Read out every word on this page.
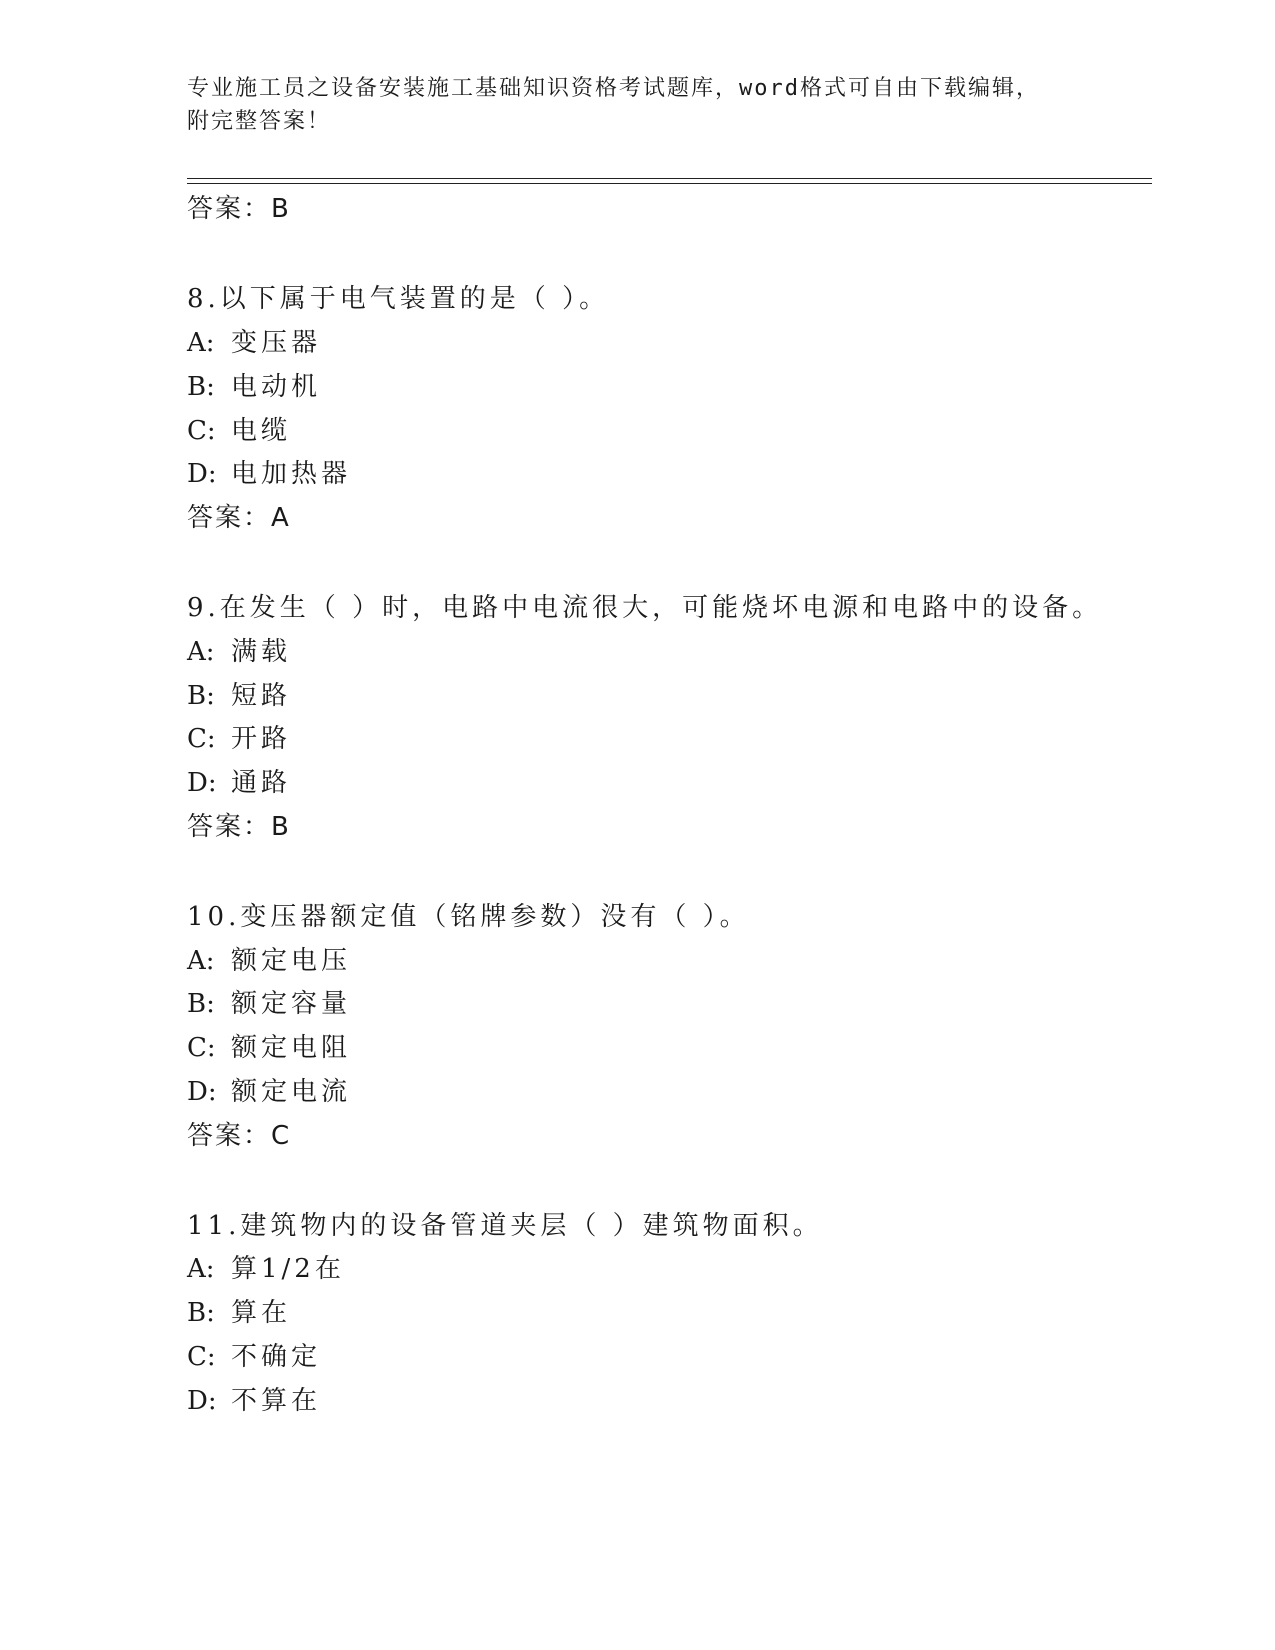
专业施工员之设备安装施工基础知识资格考试题库，word格式可自由下载编辑，
附完整答案！
答案：B
8.以下属于电气装置的是（ ）。
A: 变压器
B: 电动机
C: 电缆
D: 电加热器
答案：A
9.在发生（ ）时，电路中电流很大，可能烧坏电源和电路中的设备。
A: 满载
B: 短路
C: 开路
D: 通路
答案：B
10.变压器额定值（铭牌参数）没有（ ）。
A: 额定电压
B: 额定容量
C: 额定电阻
D: 额定电流
答案：C
11.建筑物内的设备管道夹层（ ）建筑物面积。
A: 算1/2在
B: 算在
C: 不确定
D: 不算在
